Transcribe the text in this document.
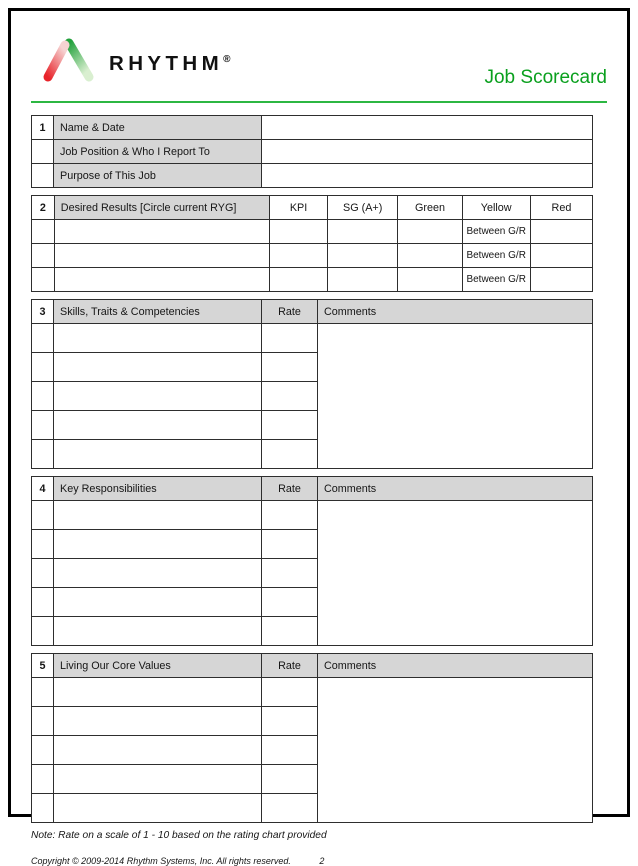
RHYTHM®
Job Scorecard
1	Name & Date	
	Job Position & Who I Report To	
	Purpose of This Job	
2	Desired Results [Circle current RYG]	KPI	SG (A+)	Green	Yellow	Red
					Between G/R	
					Between G/R	
					Between G/R	
3	Skills, Traits & Competencies	Rate	Comments

4	Key Responsibilities	Rate	Comments

5	Living Our Core Values	Rate	Comments

Note: Rate on a scale of 1 - 10 based on the rating chart provided
Copyright © 2009-2014 Rhythm Systems, Inc. All rights reserved.	2
